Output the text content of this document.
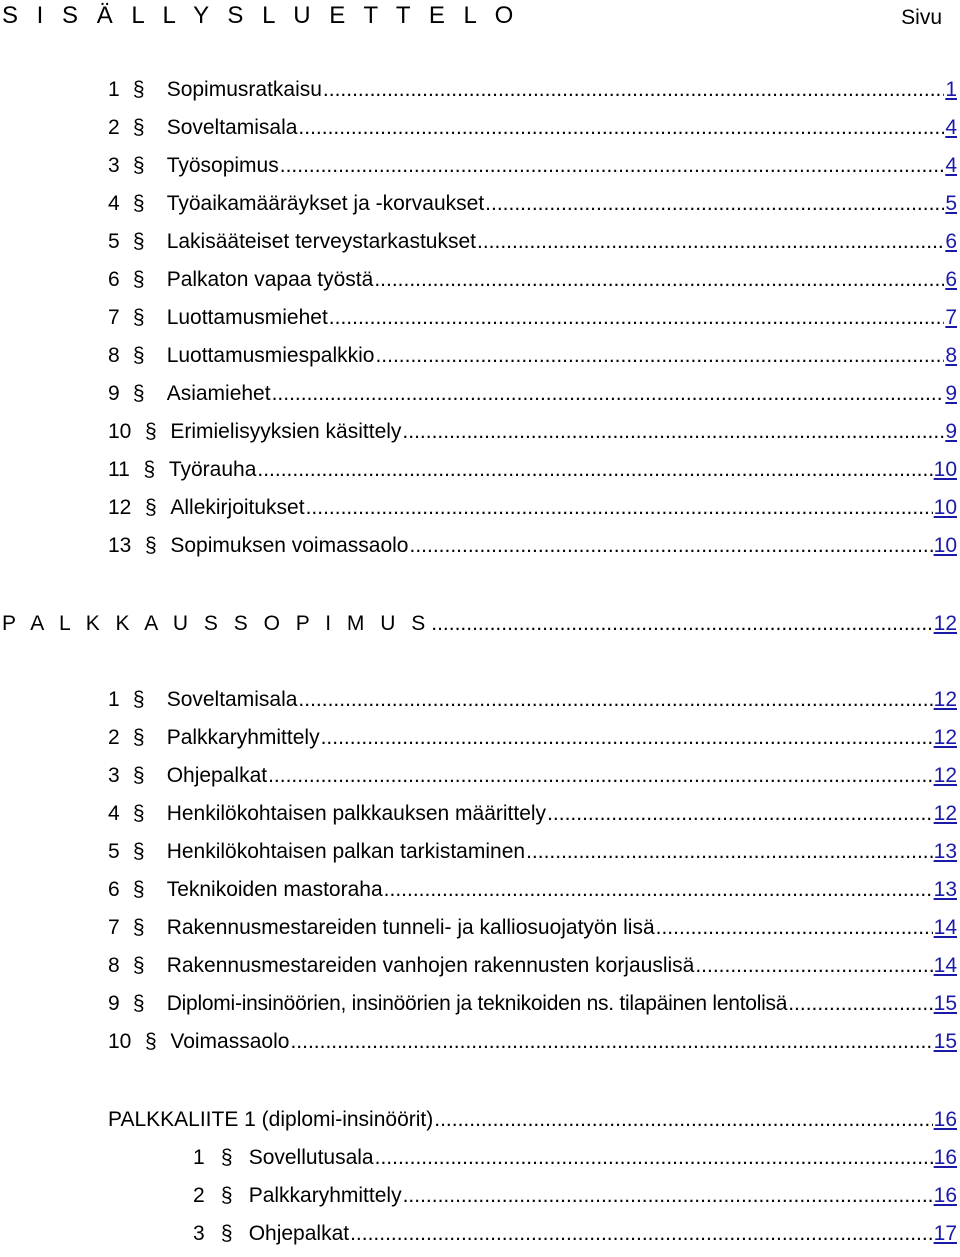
S I S Ä L L Y S L U E T T E L O	Sivu
1 §	Sopimusratkaisu .....	1
2 §	Soveltamisala .....	4
3 §	Työsopimus .....	4
4 §	Työaikamääräykset ja -korvaukset .....	5
5 §	Lakisääteiset terveystarkastukset .....	6
6 §	Palkaton vapaa työstä .....	6
7 §	Luottamusmiehet .....	7
8 §	Luottamusmiespalkkio .....	8
9 §	Asiamiehet .....	9
10 § Erimielisyyksien käsittely .....	9
11 § Työrauha .....	10
12 § Allekirjoitukset .....	10
13 § Sopimuksen voimassaolo .....	10
P A L K K A U S S O P I M U S .....	12
1 §	Soveltamisala .....	12
2 §	Palkkaryhmittely .....	12
3 §	Ohjepalkat .....	12
4 §	Henkilökohtaisen palkkauksen määrittely .....	12
5 §	Henkilökohtaisen palkan tarkistaminen .....	13
6 §	Teknikoiden mastoraha .....	13
7 §	Rakennusmestareiden tunneli- ja kalliosuojatyön lisä .....	14
8 §	Rakennusmestareiden vanhojen rakennusten korjauslisä .....	14
9 §	Diplomi-insinöörien, insinöörien ja teknikoiden ns. tilapäinen lentolisä .....	15
10 § Voimassaolo .....	15
PALKKALIITE 1 (diplomi-insinöörit) .....	16
1 § Sovellutusala .....	16
2 § Palkkaryhmittely .....	16
3 § Ohjepalkat .....	17
